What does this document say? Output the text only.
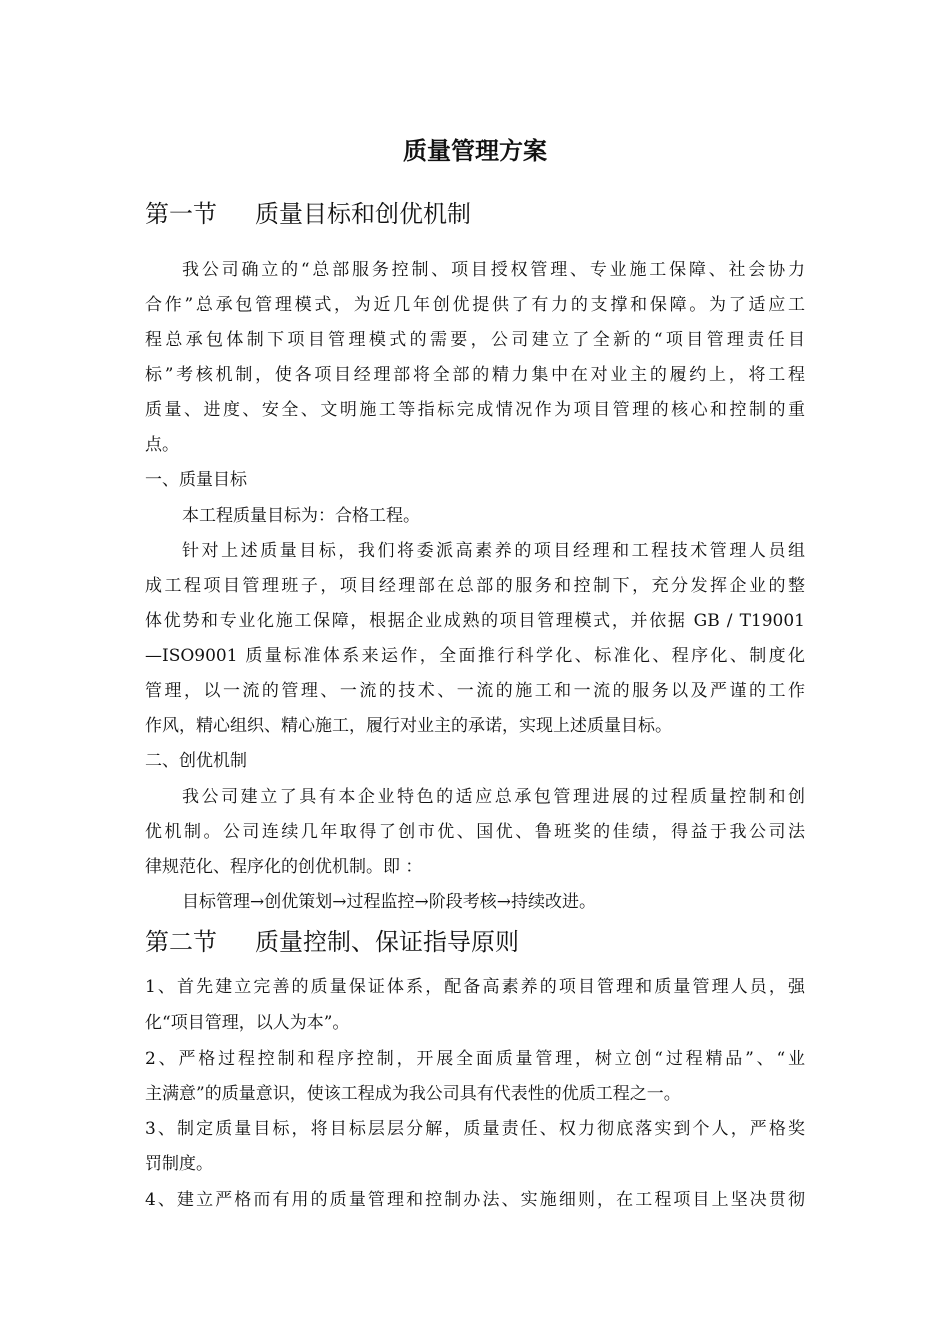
质量管理方案
第一节 质量目标和创优机制
我公司确立的“总部服务控制、项目授权管理、专业施工保障、社会协力
合作”总承包管理模式，为近几年创优提供了有力的支撑和保障。为了适应工
程总承包体制下项目管理模式的需要，公司建立了全新的“项目管理责任目
标”考核机制，使各项目经理部将全部的精力集中在对业主的履约上，将工程
质量、进度、安全、文明施工等指标完成情况作为项目管理的核心和控制的重
点。
一、质量目标
本工程质量目标为：合格工程。
针对上述质量目标，我们将委派高素养的项目经理和工程技术管理人员组
成工程项目管理班子，项目经理部在总部的服务和控制下，充分发挥企业的整
体优势和专业化施工保障，根据企业成熟的项目管理模式，并依据 GB / T19001
—ISO9001 质量标准体系来运作，全面推行科学化、标准化、程序化、制度化
管理，以一流的管理、一流的技术、一流的施工和一流的服务以及严谨的工作
作风，精心组织、精心施工，履行对业主的承诺，实现上述质量目标。
二、创优机制
我公司建立了具有本企业特色的适应总承包管理进展的过程质量控制和创
优机制。公司连续几年取得了创市优、国优、鲁班奖的佳绩，得益于我公司法
律规范化、程序化的创优机制。即 ：
目标管理→创优策划→过程监控→阶段考核→持续改进。
第二节 质量控制、保证指导原则
1、首先建立完善的质量保证体系，配备高素养的项目管理和质量管理人员，强
化“项目管理，以人为本”。
2、严格过程控制和程序控制，开展全面质量管理，树立创“过程精品”、“业
主满意”的质量意识，使该工程成为我公司具有代表性的优质工程之一。
3、制定质量目标，将目标层层分解，质量责任、权力彻底落实到个人，严格奖
罚制度。
4、建立严格而有用的质量管理和控制办法、实施细则，在工程项目上坚决贯彻
